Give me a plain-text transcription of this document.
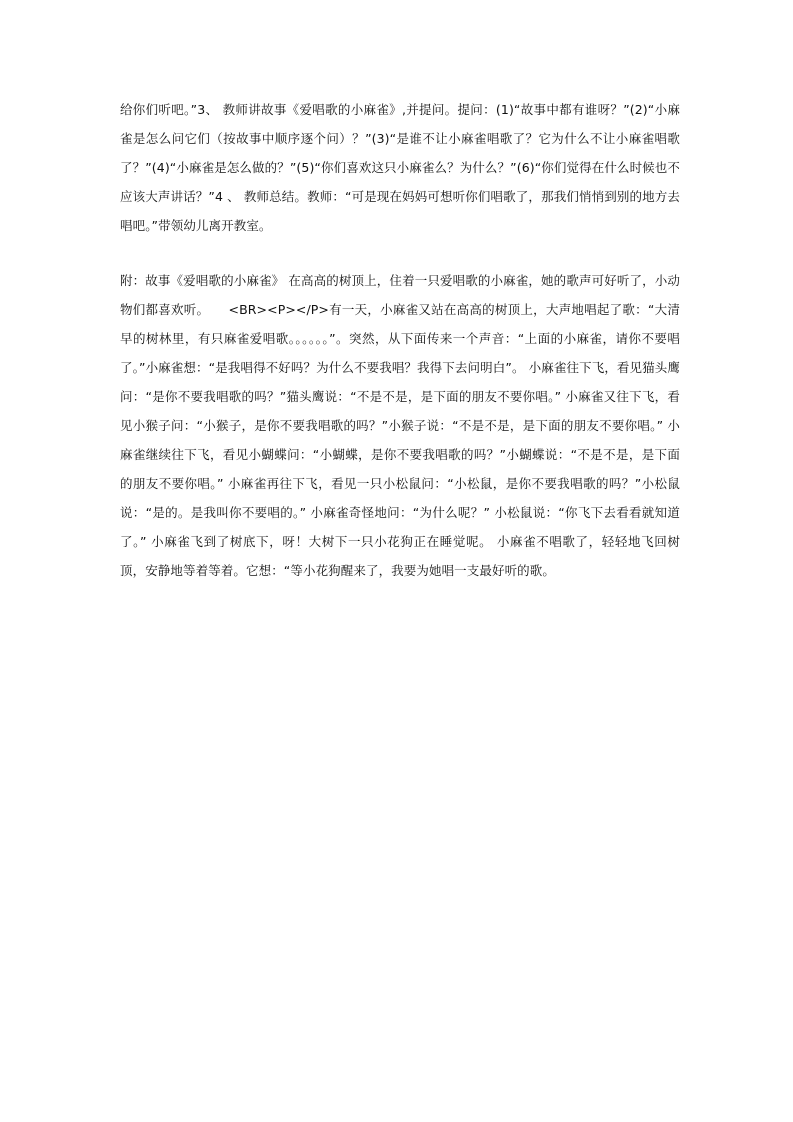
给你们听吧。”3、 教师讲故事《爱唱歌的小麻雀》,并提问。提问：(1)“故事中都有谁呀？”(2)“小麻雀是怎么问它们（按故事中顺序逐个问）？”(3)“是谁不让小麻雀唱歌了？它为什么不让小麻雀唱歌了？”(4)“小麻雀是怎么做的？”(5)“你们喜欢这只小麻雀么？为什么？”(6)“你们觉得在什么时候也不应该大声讲话？”4 、 教师总结。教师：“可是现在妈妈可想听你们唱歌了，那我们悄悄到别的地方去唱吧。”带领幼儿离开教室。

附：故事《爱唱歌的小麻雀》 在高高的树顶上，住着一只爱唱歌的小麻雀，她的歌声可好听了，小动物们都喜欢听。　　<BR><P></P>有一天，小麻雀又站在高高的树顶上，大声地唱起了歌：“大清早的树林里，有只麻雀爱唱歌。。。。。。”。突然，从下面传来一个声音：“上面的小麻雀，请你不要唱了。”小麻雀想：“是我唱得不好吗？为什么不要我唱？我得下去问明白”。 小麻雀往下飞，看见猫头鹰问：“是你不要我唱歌的吗？”猫头鹰说：“不是不是，是下面的朋友不要你唱。” 小麻雀又往下飞，看见小猴子问：“小猴子，是你不要我唱歌的吗？”小猴子说：“不是不是，是下面的朋友不要你唱。” 小麻雀继续往下飞，看见小蝴蝶问：“小蝴蝶，是你不要我唱歌的吗？”小蝴蝶说：“不是不是，是下面的朋友不要你唱。” 小麻雀再往下飞，看见一只小松鼠问：“小松鼠，是你不要我唱歌的吗？”小松鼠说：“是的。是我叫你不要唱的。” 小麻雀奇怪地问：“为什么呢？” 小松鼠说：“你飞下去看看就知道了。” 小麻雀飞到了树底下，呀！大树下一只小花狗正在睡觉呢。 小麻雀不唱歌了，轻轻地飞回树顶，安静地等着等着。它想：“等小花狗醒来了，我要为她唱一支最好听的歌。
